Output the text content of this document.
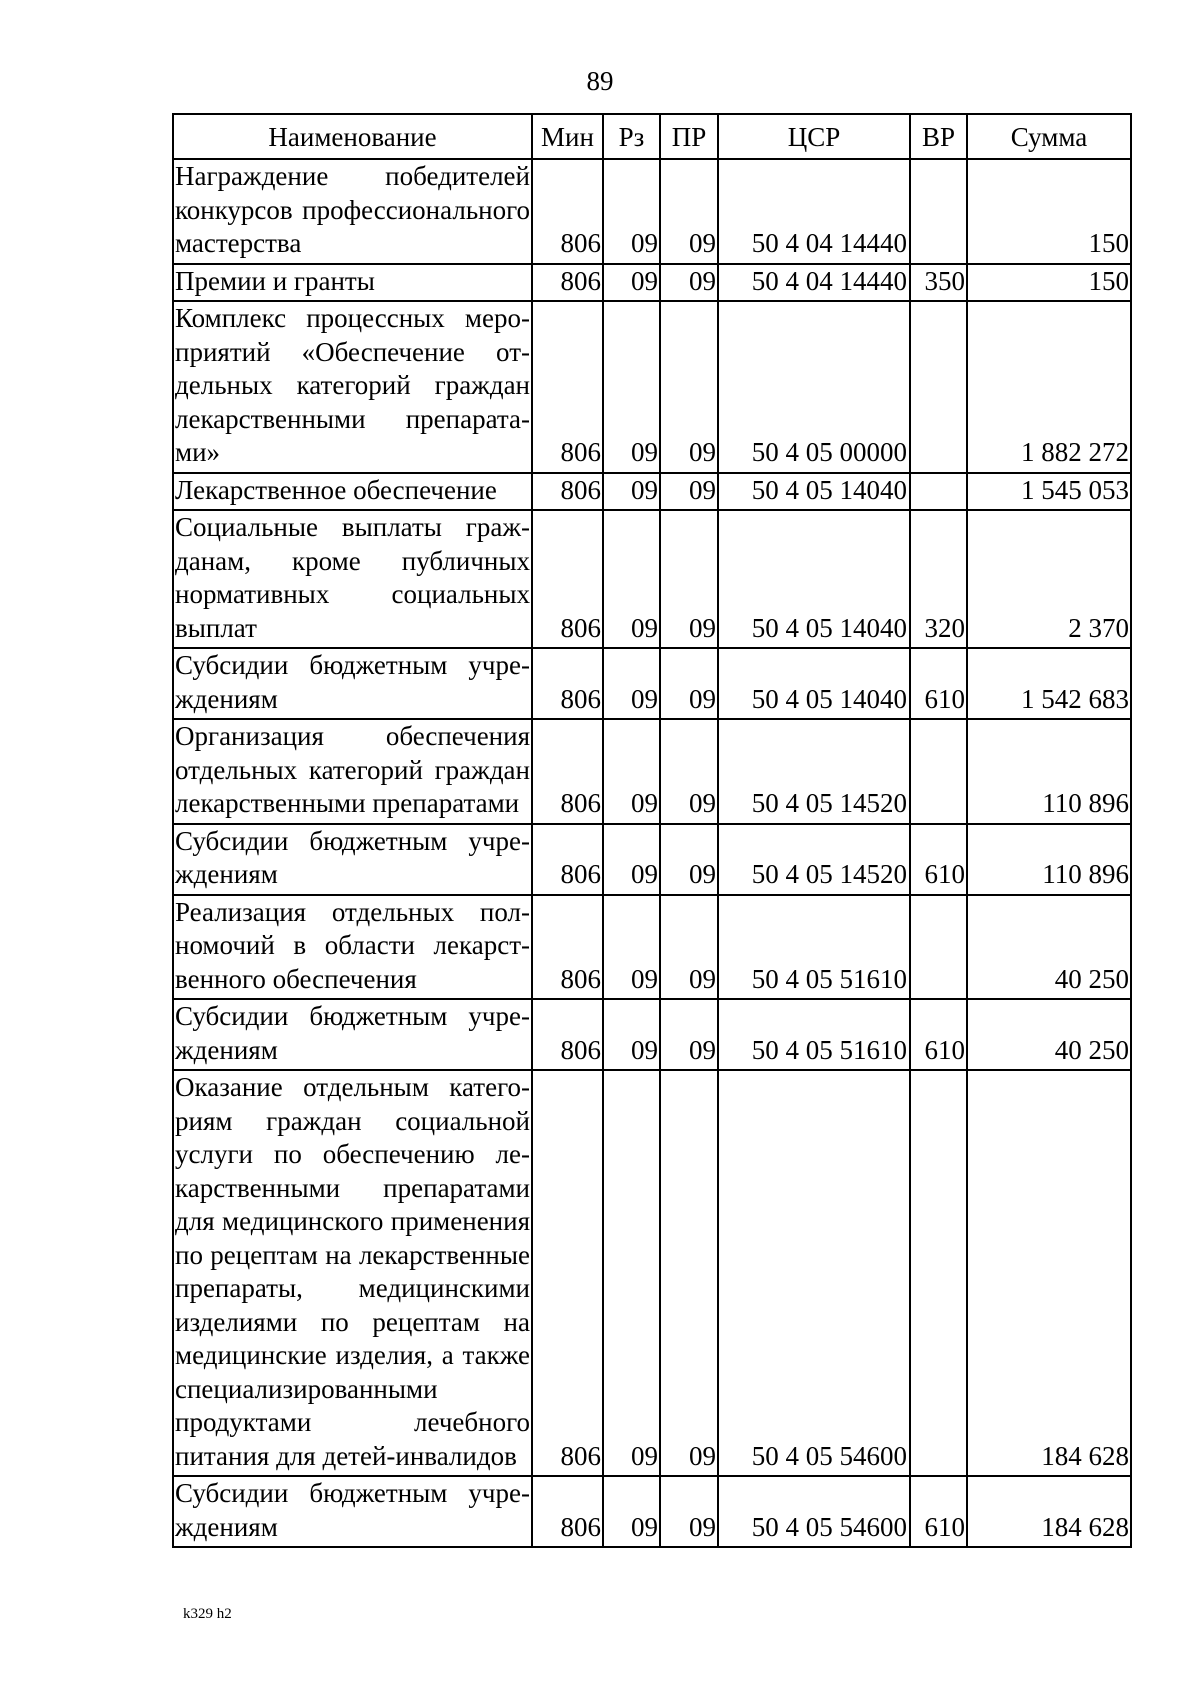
89
Наименование	Мин	Рз	ПР	ЦСР	ВР	Сумма
Награждение победителей конкурсов профессионального мастерства	806	09	09	50 4 04 14440		150
Премии и гранты	806	09	09	50 4 04 14440	350	150
Комплекс процессных мероприятий «Обеспечение отдельных категорий граждан лекарственными препаратами»	806	09	09	50 4 05 00000		1 882 272
Лекарственное обеспечение	806	09	09	50 4 05 14040		1 545 053
Социальные выплаты гражданам, кроме публичных нормативных социальных выплат	806	09	09	50 4 05 14040	320	2 370
Субсидии бюджетным учреждениям	806	09	09	50 4 05 14040	610	1 542 683
Организация обеспечения отдельных категорий граждан лекарственными препаратами	806	09	09	50 4 05 14520		110 896
Субсидии бюджетным учреждениям	806	09	09	50 4 05 14520	610	110 896
Реализация отдельных полномочий в области лекарственного обеспечения	806	09	09	50 4 05 51610		40 250
Субсидии бюджетным учреждениям	806	09	09	50 4 05 51610	610	40 250
Оказание отдельным категориям граждан социальной услуги по обеспечению лекарственными препаратами для медицинского применения по рецептам на лекарственные препараты, медицинскими изделиями по рецептам на медицинские изделия, а также специализированными продуктами лечебного питания для детей-инвалидов	806	09	09	50 4 05 54600		184 628
Субсидии бюджетным учреждениям	806	09	09	50 4 05 54600	610	184 628
k329 h2
